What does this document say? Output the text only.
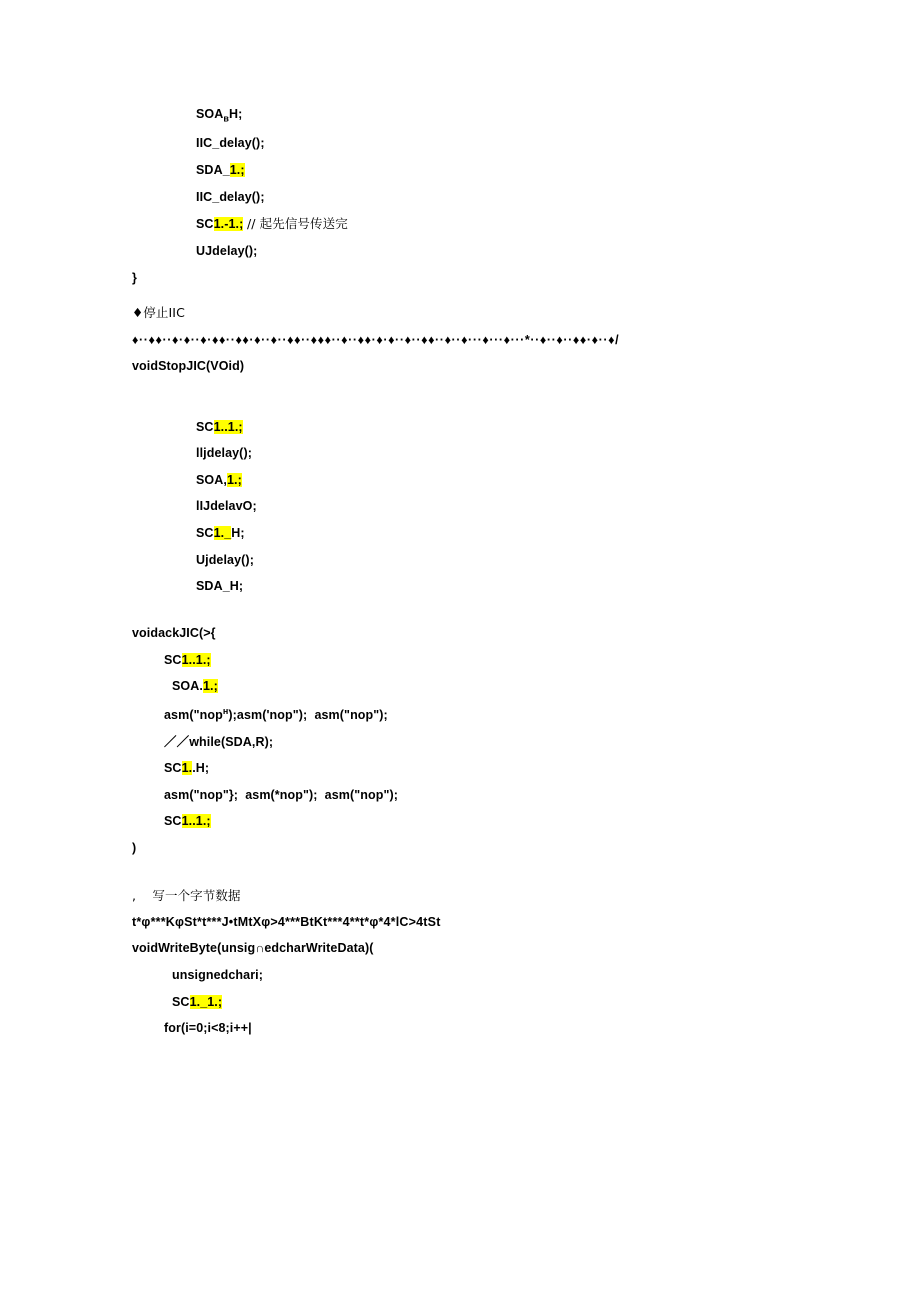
$SOA_вH$;
IIC_delay();
SDA_1.;
IIC_delay();
SC1.-1.; // 起先信号传送完
UJdelay();
}
♦停止IIC
♦··♦♦··♦·♦··♦·♦♦··♦♦·♦··♦··♦♦··♦♦♦··♦··♦♦·♦·♦··♦··♦♦··♦··♦···♦···♦···*··♦··♦··♦♦·♦··♦/
voidStopJIC(VOid)
SC1..1.;
lljdelay();
SOA,1.;
lIJdelavO;
SC1._H;
Ujdelay();
SDA_H;
voidackJIC(>{
SC1..1.;
SOA.1.;
asm("nop$^н$);asm('nop");  asm("nop");
／／while(SDA,R);
SC1..H;
asm("nop"};  asm(*nop");  asm("nop");
SC1..1.;
)
,    写一个字节数据
t*φ***KφSt*t***J•tMtXφ>4***BtKt***4**t*φ*4*lC>4tSt
voidWriteByte(unsig∩edcharWriteData)(
unsignedchari;
SC1._1.;
for(i=0;i<8;i++|
